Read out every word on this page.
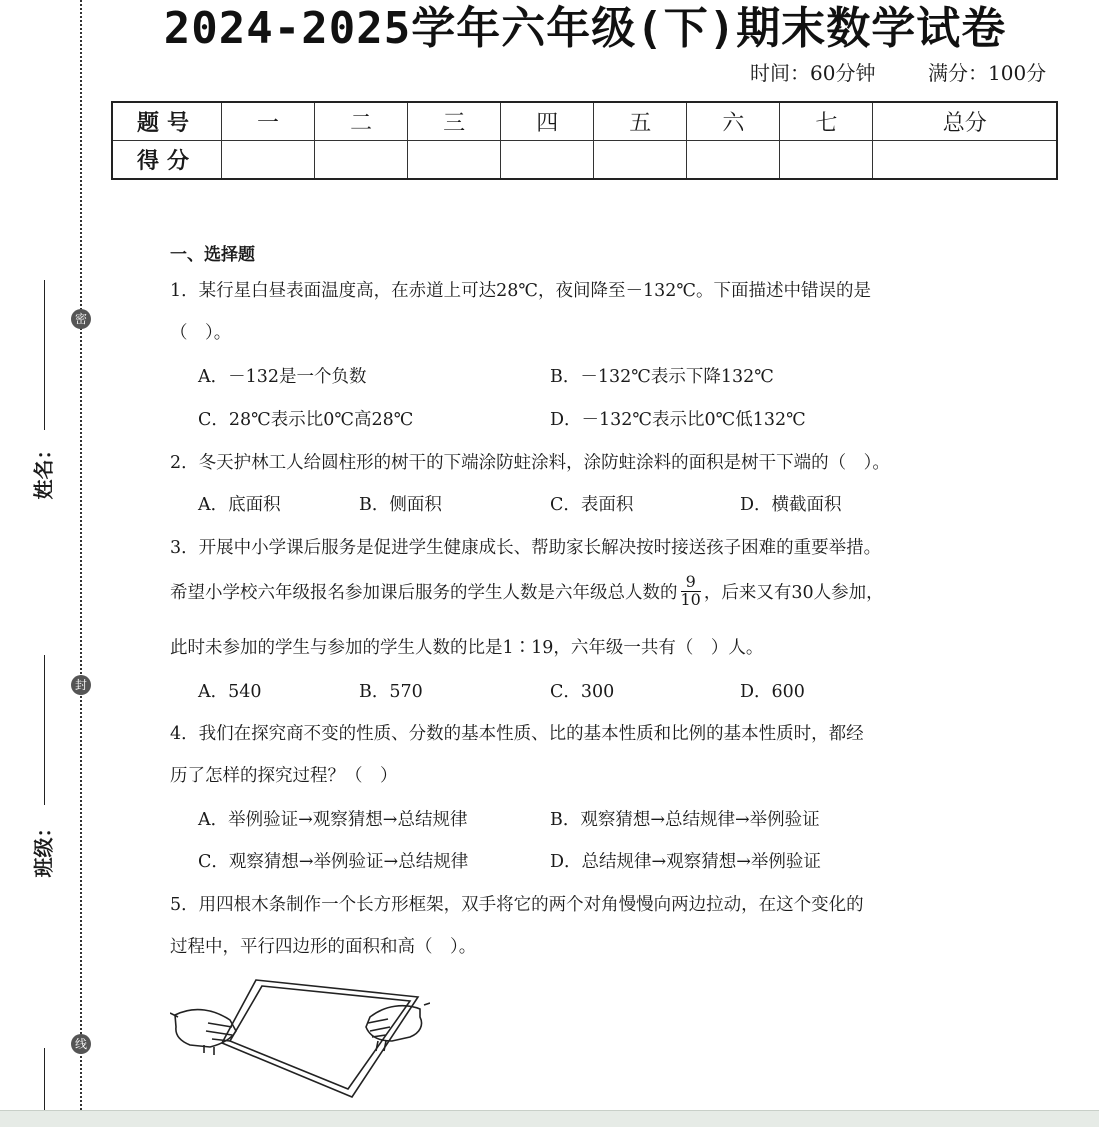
密
封
线
姓名：
班级：
2024-2025学年六年级(下)期末数学试卷
时间：60分钟	满分：100分
题号	一	二	三	四	五	六	七	总分
得分								
一、选择题
1．某行星白昼表面温度高，在赤道上可达28℃，夜间降至－132℃。下面描述中错误的是
（　）。
A．－132是一个负数	B．－132℃表示下降132℃
C．28℃表示比0℃高28℃	D．－132℃表示比0℃低132℃
2．冬天护林工人给圆柱形的树干的下端涂防蛀涂料，涂防蛀涂料的面积是树干下端的（　）。
A．底面积	B．侧面积	C．表面积	D．横截面积
3．开展中小学课后服务是促进学生健康成长、帮助家长解决按时接送孩子困难的重要举措。
希望小学校六年级报名参加课后服务的学生人数是六年级总人数的 $\frac{9}{10}$ ，后来又有30人参加，
此时未参加的学生与参加的学生人数的比是1∶19，六年级一共有（　）人。
A．540	B．570	C．300	D．600
4．我们在探究商不变的性质、分数的基本性质、比的基本性质和比例的基本性质时，都经
历了怎样的探究过程？（　）
A．举例验证→观察猜想→总结规律	B．观察猜想→总结规律→举例验证
C．观察猜想→举例验证→总结规律	D．总结规律→观察猜想→举例验证
5．用四根木条制作一个长方形框架，双手将它的两个对角慢慢向两边拉动，在这个变化的
过程中，平行四边形的面积和高（　）。
